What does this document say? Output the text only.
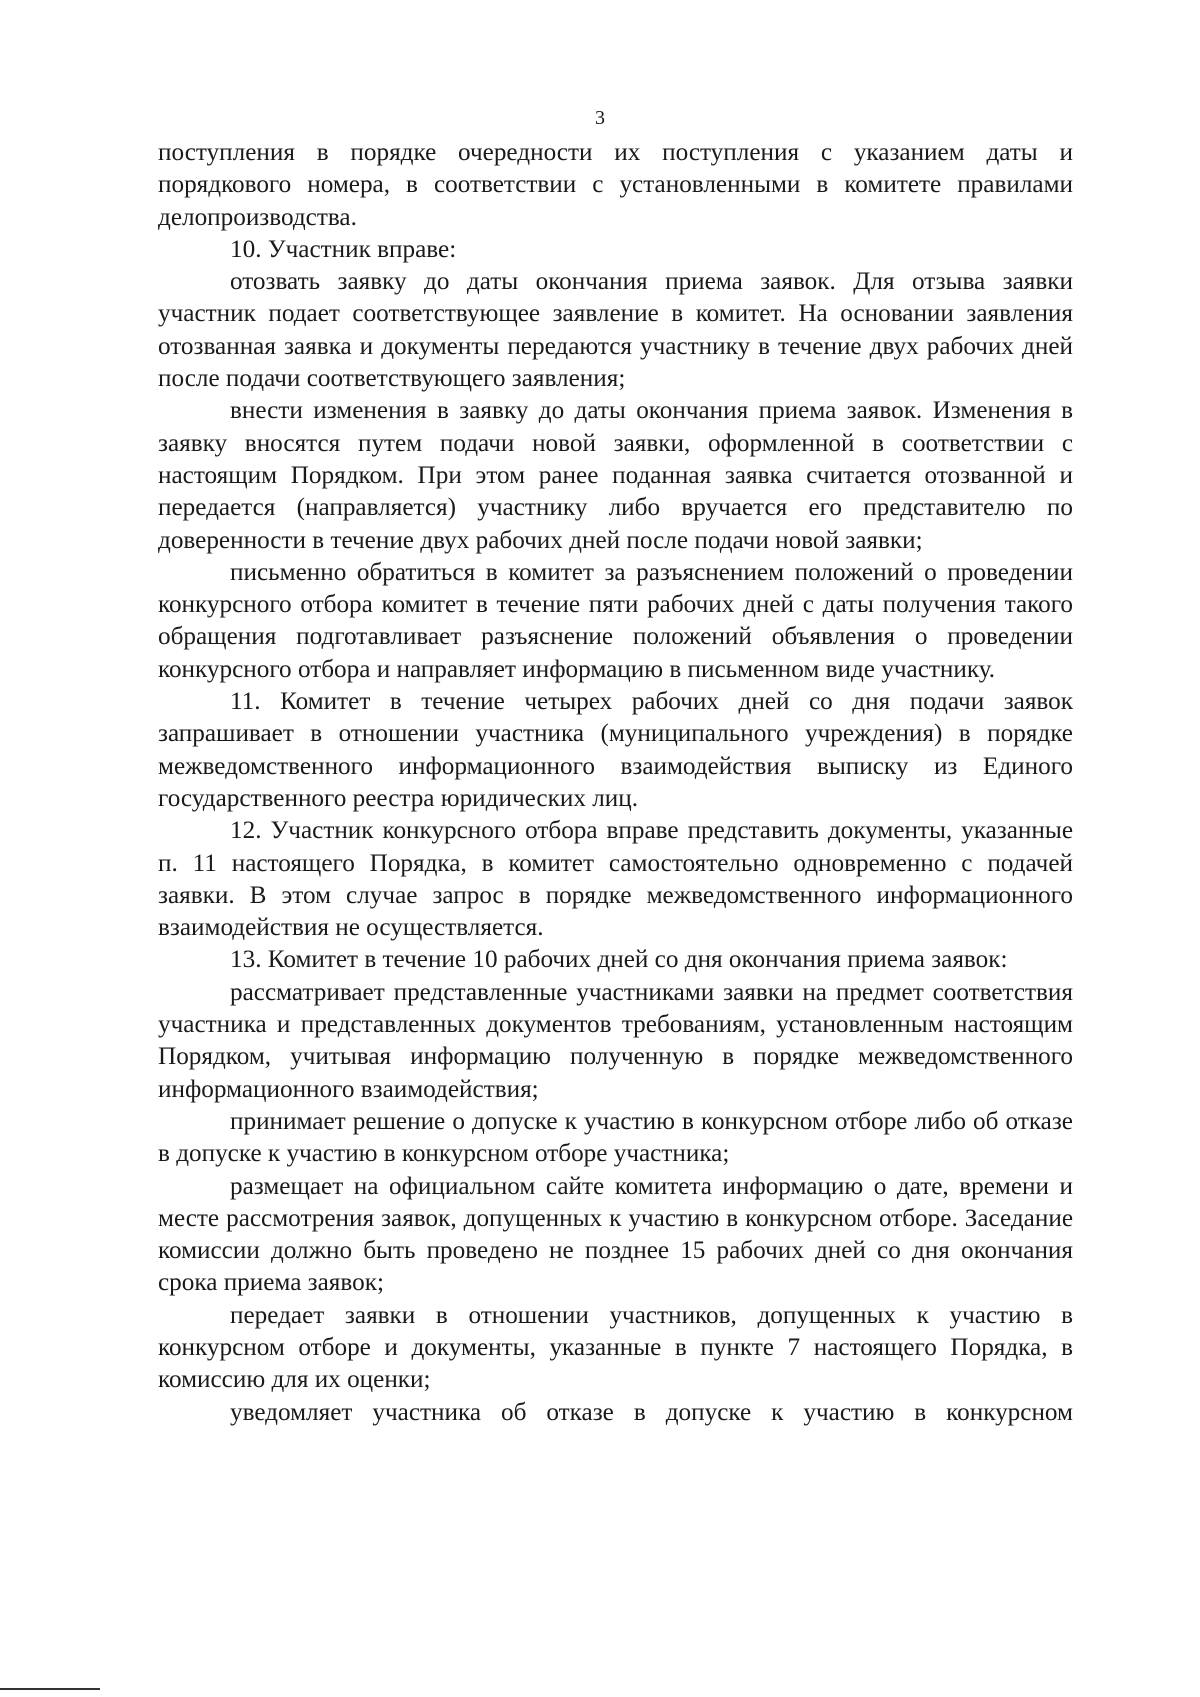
3

поступления в порядке очередности их поступления с указанием даты и порядкового номера, в соответствии с установленными в комитете правилами делопроизводства.

10. Участник вправе:

отозвать заявку до даты окончания приема заявок. Для отзыва заявки участник подает соответствующее заявление в комитет. На основании заявления отозванная заявка и документы передаются участнику в течение двух рабочих дней после подачи соответствующего заявления;

внести изменения в заявку до даты окончания приема заявок. Изменения в заявку вносятся путем подачи новой заявки, оформленной в соответствии с настоящим Порядком. При этом ранее поданная заявка считается отозванной и передается (направляется) участнику либо вручается его представителю по доверенности в течение двух рабочих дней после подачи новой заявки;

письменно обратиться в комитет за разъяснением положений о проведении конкурсного отбора комитет в течение пяти рабочих дней с даты получения такого обращения подготавливает разъяснение положений объявления о проведении конкурсного отбора и направляет информацию в письменном виде участнику.

11. Комитет в течение четырех рабочих дней со дня подачи заявок запрашивает в отношении участника (муниципального учреждения) в порядке межведомственного информационного взаимодействия выписку из Единого государственного реестра юридических лиц.

12. Участник конкурсного отбора вправе представить документы, указанные п. 11 настоящего Порядка, в комитет самостоятельно одновременно с подачей заявки. В этом случае запрос в порядке межведомственного информационного взаимодействия не осуществляется.

13. Комитет в течение 10 рабочих дней со дня окончания приема заявок:

рассматривает представленные участниками заявки на предмет соответствия участника и представленных документов требованиям, установленным настоящим Порядком, учитывая информацию полученную в порядке межведомственного информационного взаимодействия;

принимает решение о допуске к участию в конкурсном отборе либо об отказе в допуске к участию в конкурсном отборе участника;

размещает на официальном сайте комитета информацию о дате, времени и месте рассмотрения заявок, допущенных к участию в конкурсном отборе. Заседание комиссии должно быть проведено не позднее 15 рабочих дней со дня окончания срока приема заявок;

передает заявки в отношении участников, допущенных к участию в конкурсном отборе и документы, указанные в пункте 7 настоящего Порядка, в комиссию для их оценки;

уведомляет участника об отказе в допуске к участию в конкурсном
